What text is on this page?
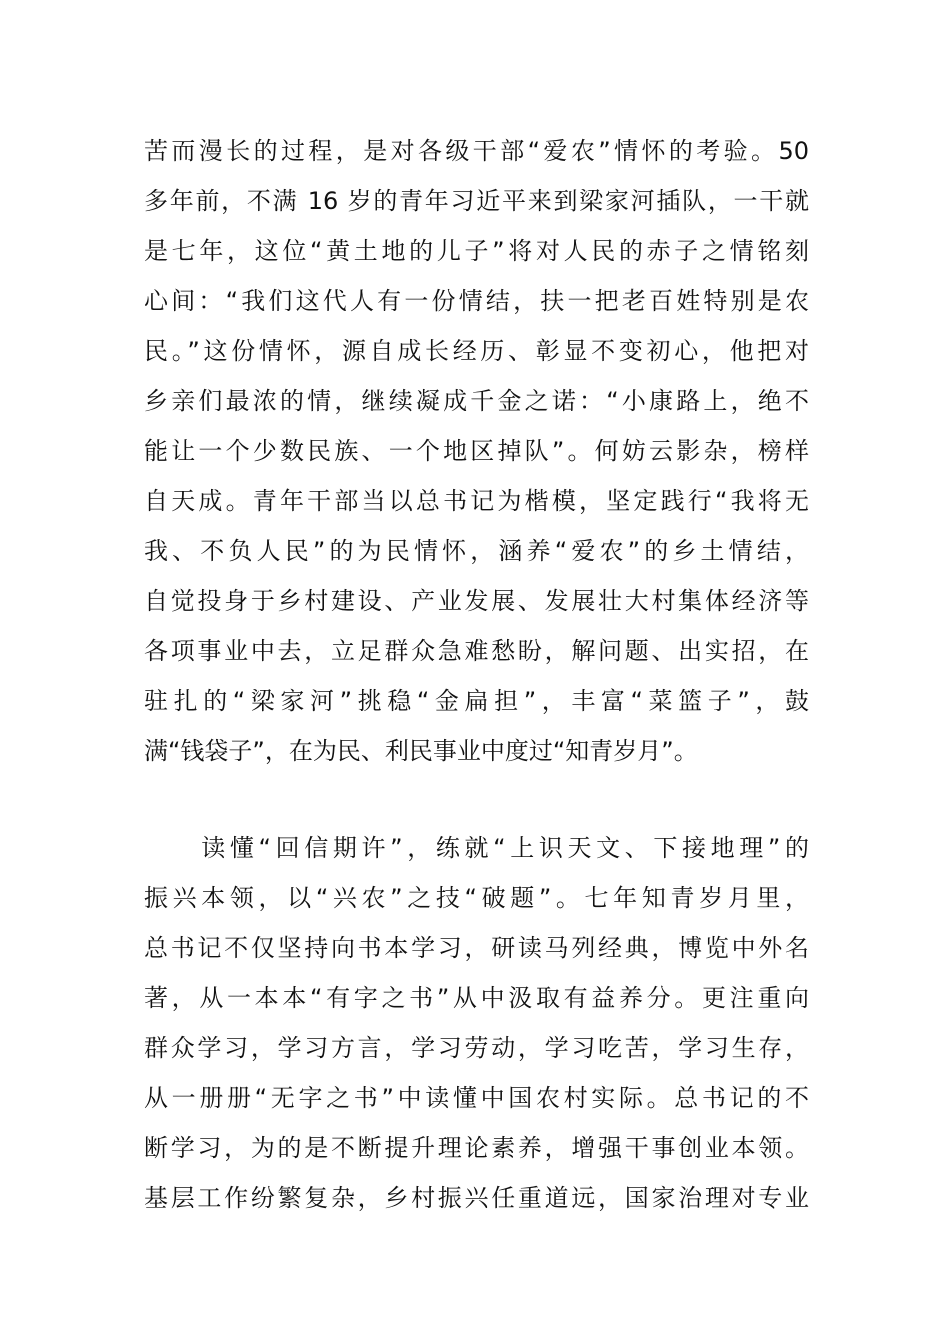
苦而漫长的过程，是对各级干部“爱农”情怀的考验。50
多年前，不满 16 岁的青年习近平来到梁家河插队，一干就
是七年，这位“黄土地的儿子”将对人民的赤子之情铭刻
心间：“我们这代人有一份情结，扶一把老百姓特别是农
民。”这份情怀，源自成长经历、彰显不变初心，他把对
乡亲们最浓的情，继续凝成千金之诺：“小康路上，绝不
能让一个少数民族、一个地区掉队”。何妨云影杂，榜样
自天成。青年干部当以总书记为楷模，坚定践行“我将无
我、不负人民”的为民情怀，涵养“爱农”的乡土情结，
自觉投身于乡村建设、产业发展、发展壮大村集体经济等
各项事业中去，立足群众急难愁盼，解问题、出实招，在
驻扎的“梁家河”挑稳“金扁担”，丰富“菜篮子”，鼓
满“钱袋子”，在为民、利民事业中度过“知青岁月”。
　　读懂“回信期许”，练就“上识天文、下接地理”的
振兴本领，以“兴农”之技“破题”。七年知青岁月里，
总书记不仅坚持向书本学习，研读马列经典，博览中外名
著，从一本本“有字之书”从中汲取有益养分。更注重向
群众学习，学习方言，学习劳动，学习吃苦，学习生存，
从一册册“无字之书”中读懂中国农村实际。总书记的不
断学习，为的是不断提升理论素养，增强干事创业本领。
基层工作纷繁复杂，乡村振兴任重道远，国家治理对专业
